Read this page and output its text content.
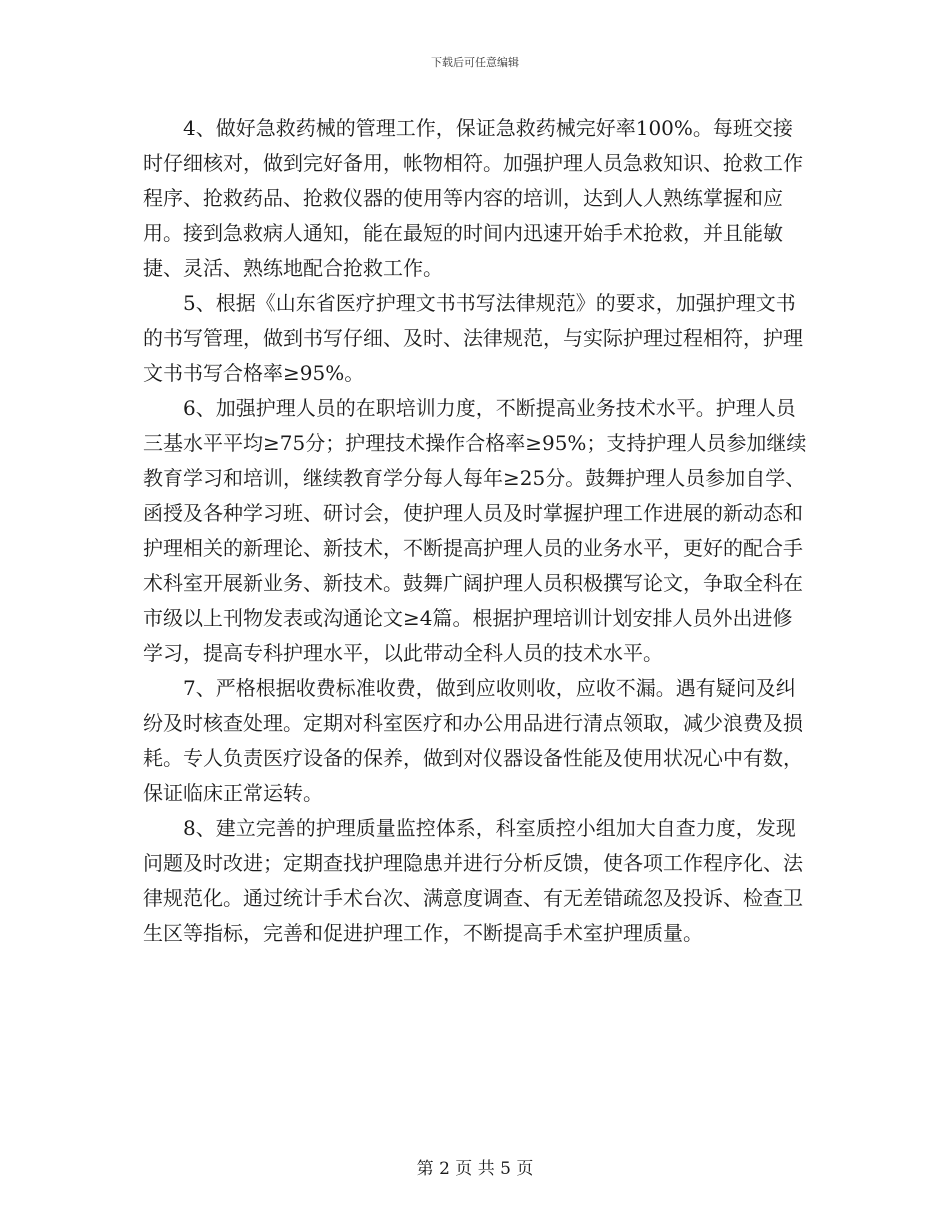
下载后可任意编辑

4、做好急救药械的管理工作，保证急救药械完好率100%。每班交接时仔细核对，做到完好备用，帐物相符。加强护理人员急救知识、抢救工作程序、抢救药品、抢救仪器的使用等内容的培训，达到人人熟练掌握和应用。接到急救病人通知，能在最短的时间内迅速开始手术抢救，并且能敏捷、灵活、熟练地配合抢救工作。

5、根据《山东省医疗护理文书书写法律规范》的要求，加强护理文书的书写管理，做到书写仔细、及时、法律规范，与实际护理过程相符，护理文书书写合格率≥95%。

6、加强护理人员的在职培训力度，不断提高业务技术水平。护理人员三基水平平均≥75分；护理技术操作合格率≥95%；支持护理人员参加继续教育学习和培训，继续教育学分每人每年≥25分。鼓舞护理人员参加自学、函授及各种学习班、研讨会，使护理人员及时掌握护理工作进展的新动态和护理相关的新理论、新技术，不断提高护理人员的业务水平，更好的配合手术科室开展新业务、新技术。鼓舞广阔护理人员积极撰写论文，争取全科在市级以上刊物发表或沟通论文≥4篇。根据护理培训计划安排人员外出进修学习，提高专科护理水平，以此带动全科人员的技术水平。

7、严格根据收费标准收费，做到应收则收，应收不漏。遇有疑问及纠纷及时核查处理。定期对科室医疗和办公用品进行清点领取，减少浪费及损耗。专人负责医疗设备的保养，做到对仪器设备性能及使用状况心中有数，保证临床正常运转。

8、建立完善的护理质量监控体系，科室质控小组加大自查力度，发现问题及时改进；定期查找护理隐患并进行分析反馈，使各项工作程序化、法律规范化。通过统计手术台次、满意度调查、有无差错疏忽及投诉、检查卫生区等指标，完善和促进护理工作，不断提高手术室护理质量。

第 2 页 共 5 页
